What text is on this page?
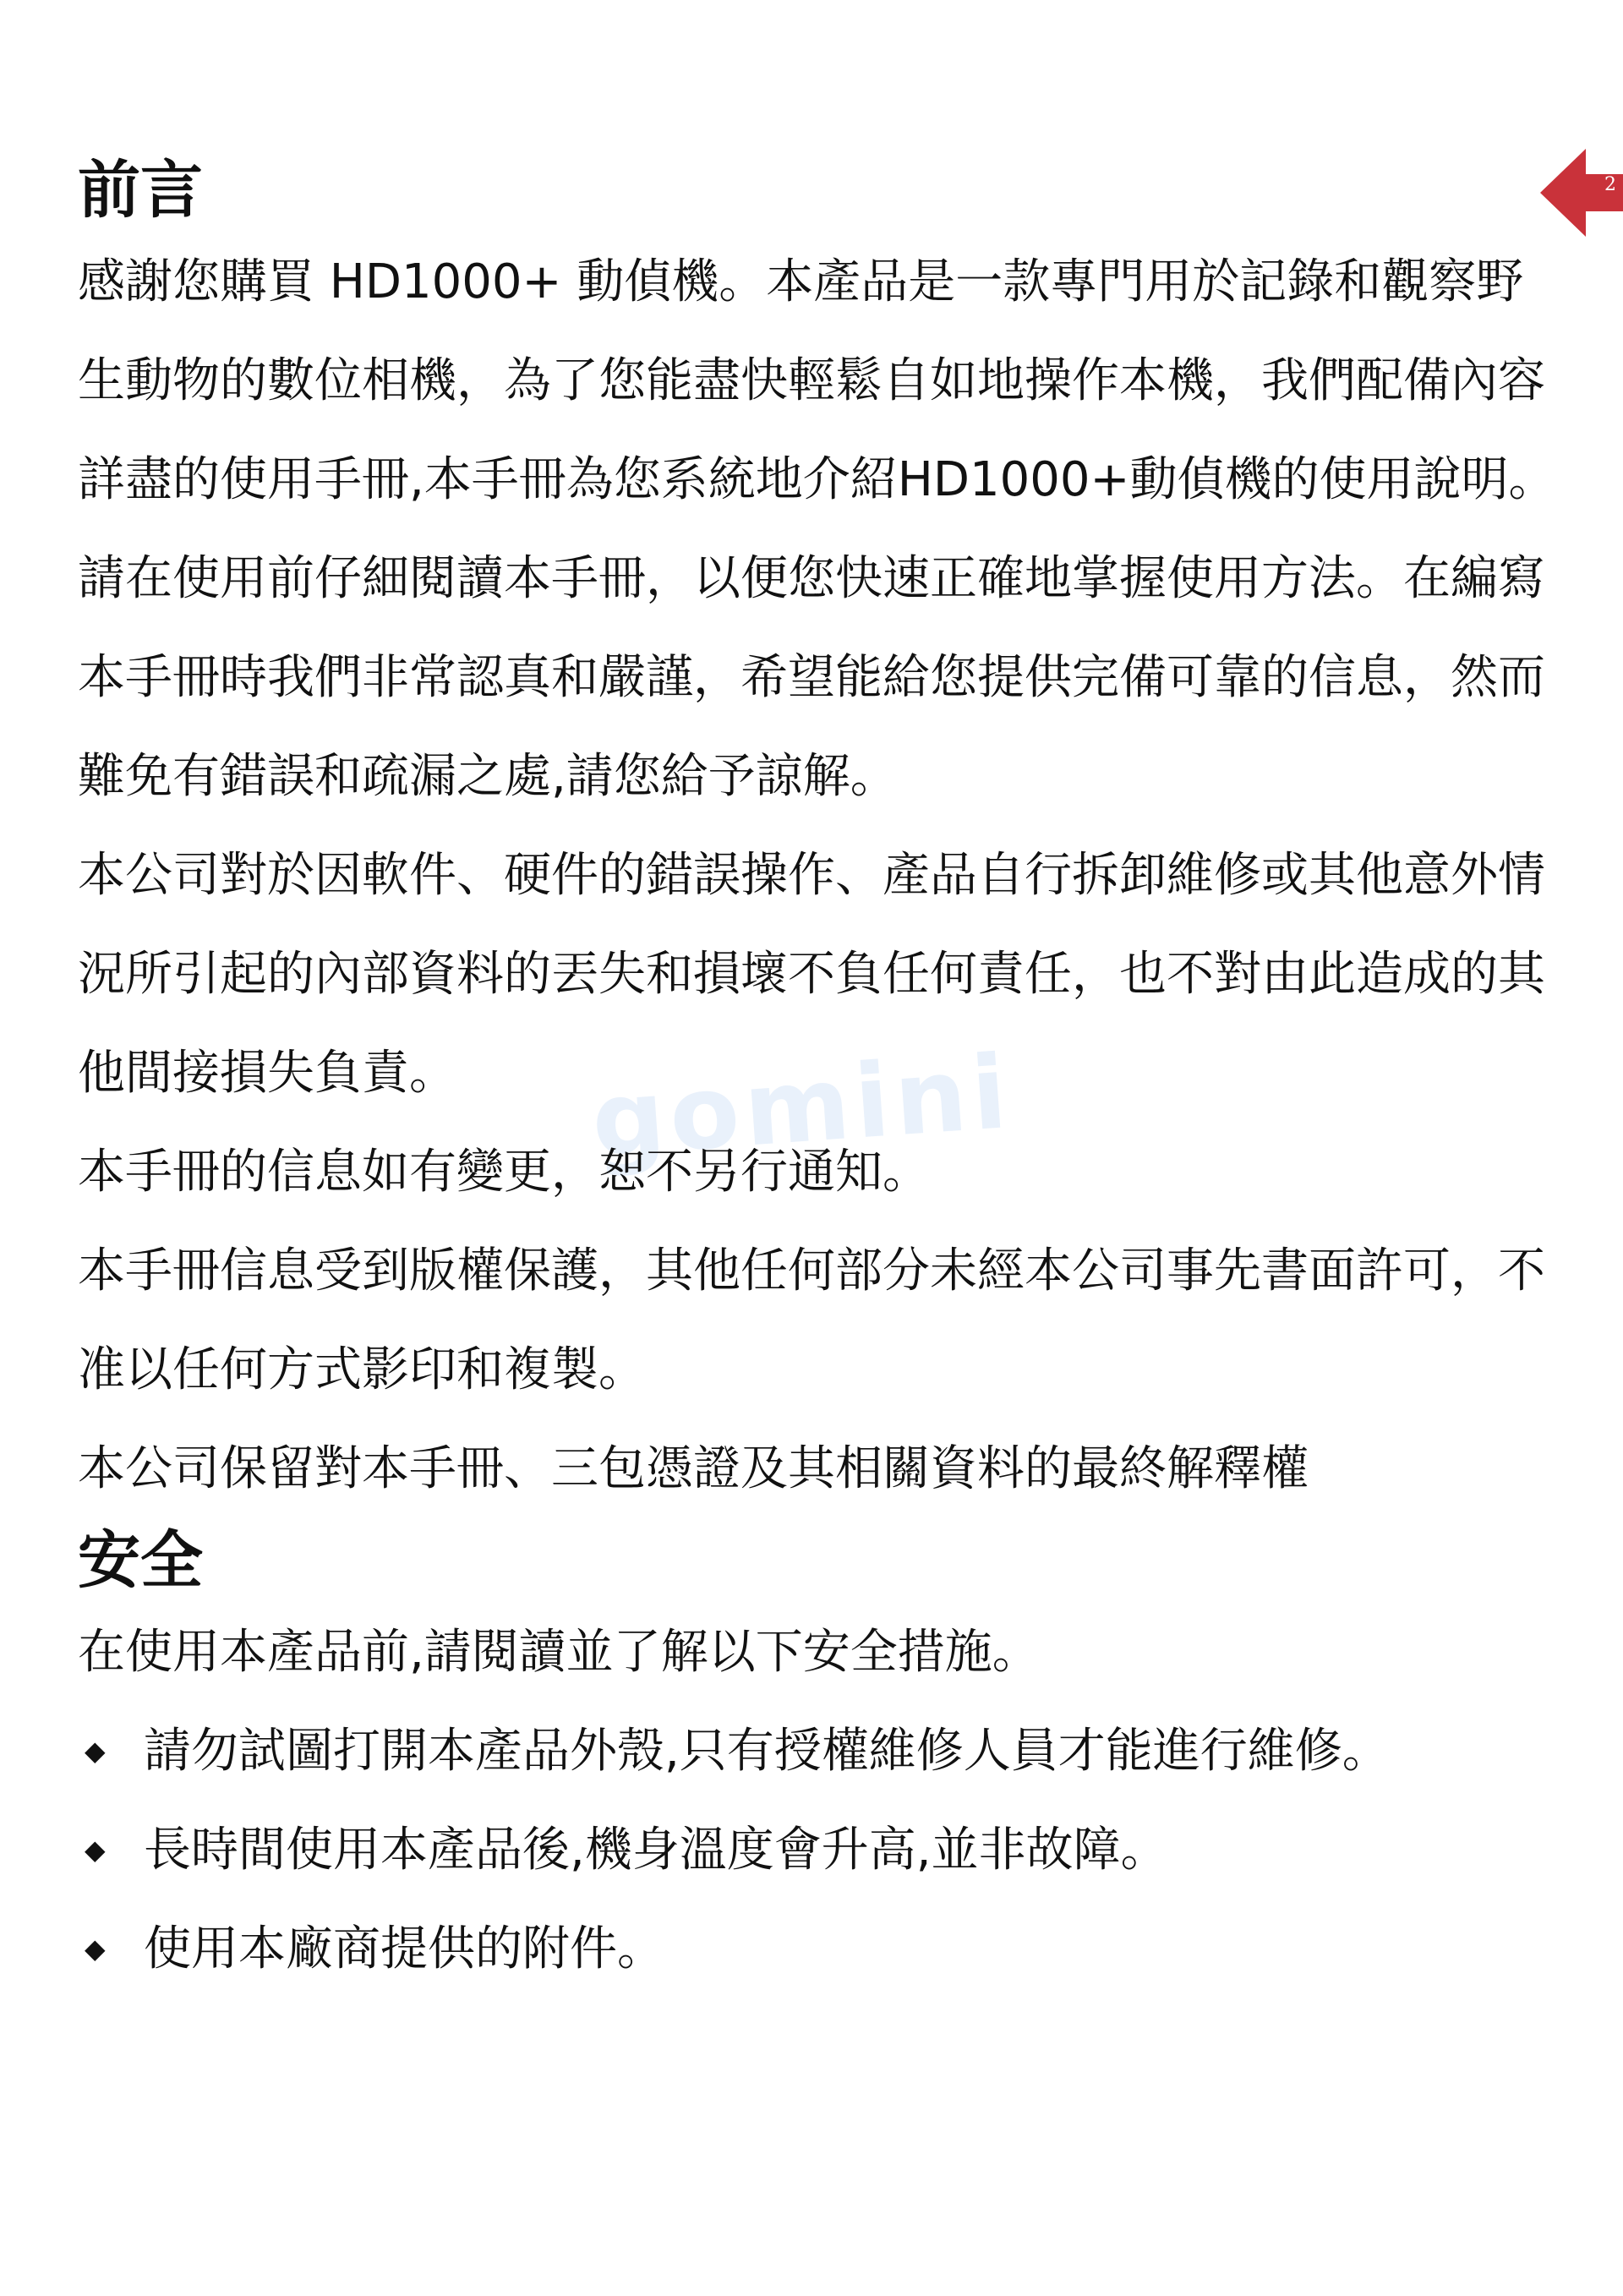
gomini
2
前言

感謝您購買 HD1000+ 動偵機。本產品是一款專門用於記錄和觀察野生動物的數位相機，為了您能盡快輕鬆自如地操作本機，我們配備內容詳盡的使用手冊,本手冊為您系統地介紹HD1000+動偵機的使用說明。請在使用前仔細閱讀本手冊，以便您快速正確地掌握使用方法。在編寫本手冊時我們非常認真和嚴謹，希望能給您提供完備可靠的信息，然而難免有錯誤和疏漏之處,請您給予諒解。

本公司對於因軟件、硬件的錯誤操作、產品自行拆卸維修或其他意外情況所引起的內部資料的丟失和損壞不負任何責任，也不對由此造成的其他間接損失負責。

本手冊的信息如有變更，恕不另行通知。

本手冊信息受到版權保護，其他任何部分未經本公司事先書面許可，不准以任何方式影印和複製。

本公司保留對本手冊、三包憑證及其相關資料的最終解釋權

安全

在使用本產品前,請閱讀並了解以下安全措施。

◆ 請勿試圖打開本產品外殼,只有授權維修人員才能進行維修。
◆ 長時間使用本產品後,機身溫度會升高,並非故障。
◆ 使用本廠商提供的附件。
